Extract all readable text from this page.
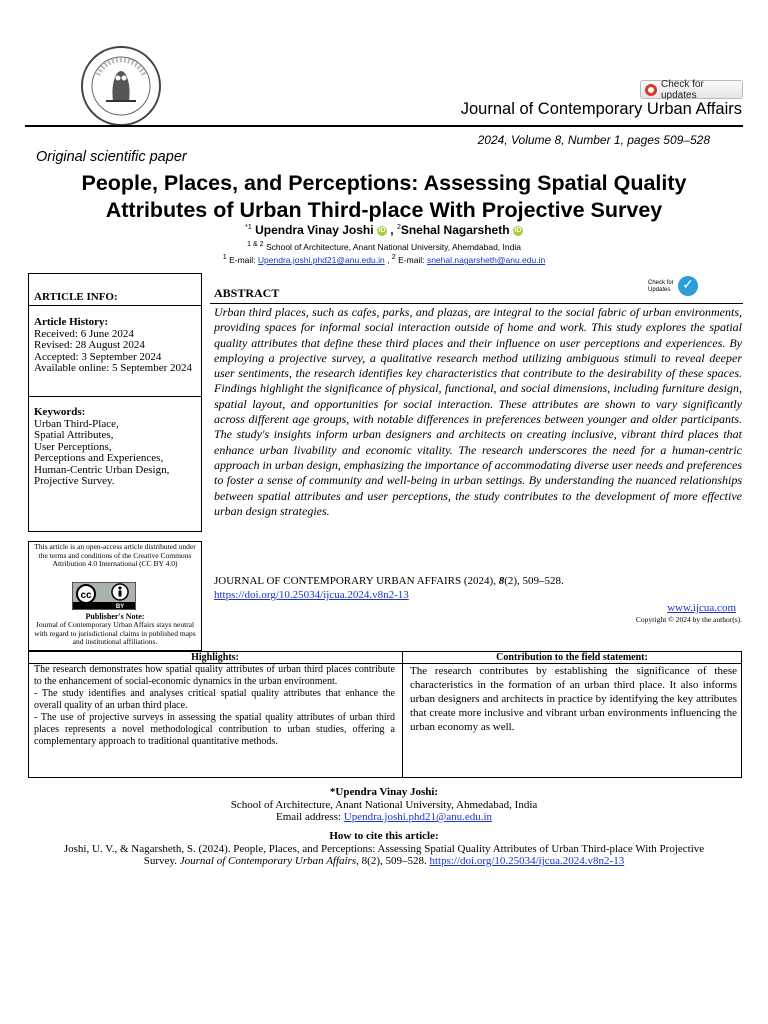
Check for updates
Journal of Contemporary Urban Affairs
2024, Volume 8, Number 1, pages 509–528
Original scientific paper
People, Places, and Perceptions: Assessing Spatial Quality
Attributes of Urban Third-place With Projective Survey
$^{*1}$ Upendra Vinay Joshi iD , $^2$Snehal Nagarsheth iD
$^{1 \& 2}$ School of Architecture, Anant National University, Ahemdabad, India
$^1$ E-mail: Upendra.joshi.phd21@anu.edu.in , $^2$ E-mail: snehal.nagarsheth@anu.edu.in
ARTICLE INFO:
Article History:
Received: 6 June 2024
Revised: 28 August 2024
Accepted: 3 September 2024
Available online: 5 September 2024
Keywords:
Urban Third-Place,
Spatial Attributes,
User Perceptions,
Perceptions and Experiences,
Human-Centric Urban Design,
Projective Survey.
ABSTRACT
Check for Updates ✓
Urban third places, such as cafes, parks, and plazas, are integral to the social fabric of urban environments, providing spaces for informal social interaction outside of home and work. This study explores the spatial quality attributes that define these third places and their influence on user perceptions and experiences. By employing a projective survey, a qualitative research method utilizing ambiguous stimuli to reveal deeper user sentiments, the research identifies key characteristics that contribute to the desirability of these spaces. Findings highlight the significance of physical, functional, and social dimensions, including furniture design, spatial layout, and opportunities for social interaction. These attributes are shown to vary significantly across different age groups, with notable differences in preferences between younger and older participants. The study's insights inform urban designers and architects on creating inclusive, vibrant third places that enhance urban livability and economic vitality. The research underscores the need for a human-centric approach in urban design, emphasizing the importance of accommodating diverse user needs and preferences to foster a sense of community and well-being in urban settings. By understanding the nuanced relationships between spatial attributes and user perceptions, the study contributes to the development of more effective urban design strategies.
This article is an open-access article distributed under the terms and conditions of the Creative Commons Attribution 4.0 International (CC BY 4.0)
cc
BY
Publisher's Note:
Journal of Contemporary Urban Affairs stays neutral with regard to jurisdictional claims in published maps and institutional affiliations.
JOURNAL OF CONTEMPORARY URBAN AFFAIRS (2024), 8(2), 509–528.
https://doi.org/10.25034/ijcua.2024.v8n2-13
www.ijcua.com
Copyright © 2024 by the author(s).
Highlights:	Contribution to the field statement:
The research demonstrates how spatial quality attributes of urban third places contribute to the enhancement of social-economic dynamics in the urban environment.
- The study identifies and analyses critical spatial quality attributes that enhance the overall quality of an urban third place.
- The use of projective surveys in assessing the spatial quality attributes of urban third places represents a novel methodological contribution to urban studies, offering a complementary approach to traditional quantitative methods.
The research contributes by establishing the significance of these characteristics in the formation of an urban third place. It also informs urban designers and architects in practice by identifying the key attributes that create more inclusive and vibrant urban environments influencing the urban economy as well.
*Upendra Vinay Joshi:
School of Architecture, Anant National University, Ahmedabad, India
Email address: Upendra.joshi.phd21@anu.edu.in
How to cite this article:
Joshi, U. V., & Nagarsheth, S. (2024). People, Places, and Perceptions: Assessing Spatial Quality Attributes of Urban Third-place With Projective Survey. Journal of Contemporary Urban Affairs, 8(2), 509–528. https://doi.org/10.25034/ijcua.2024.v8n2-13
